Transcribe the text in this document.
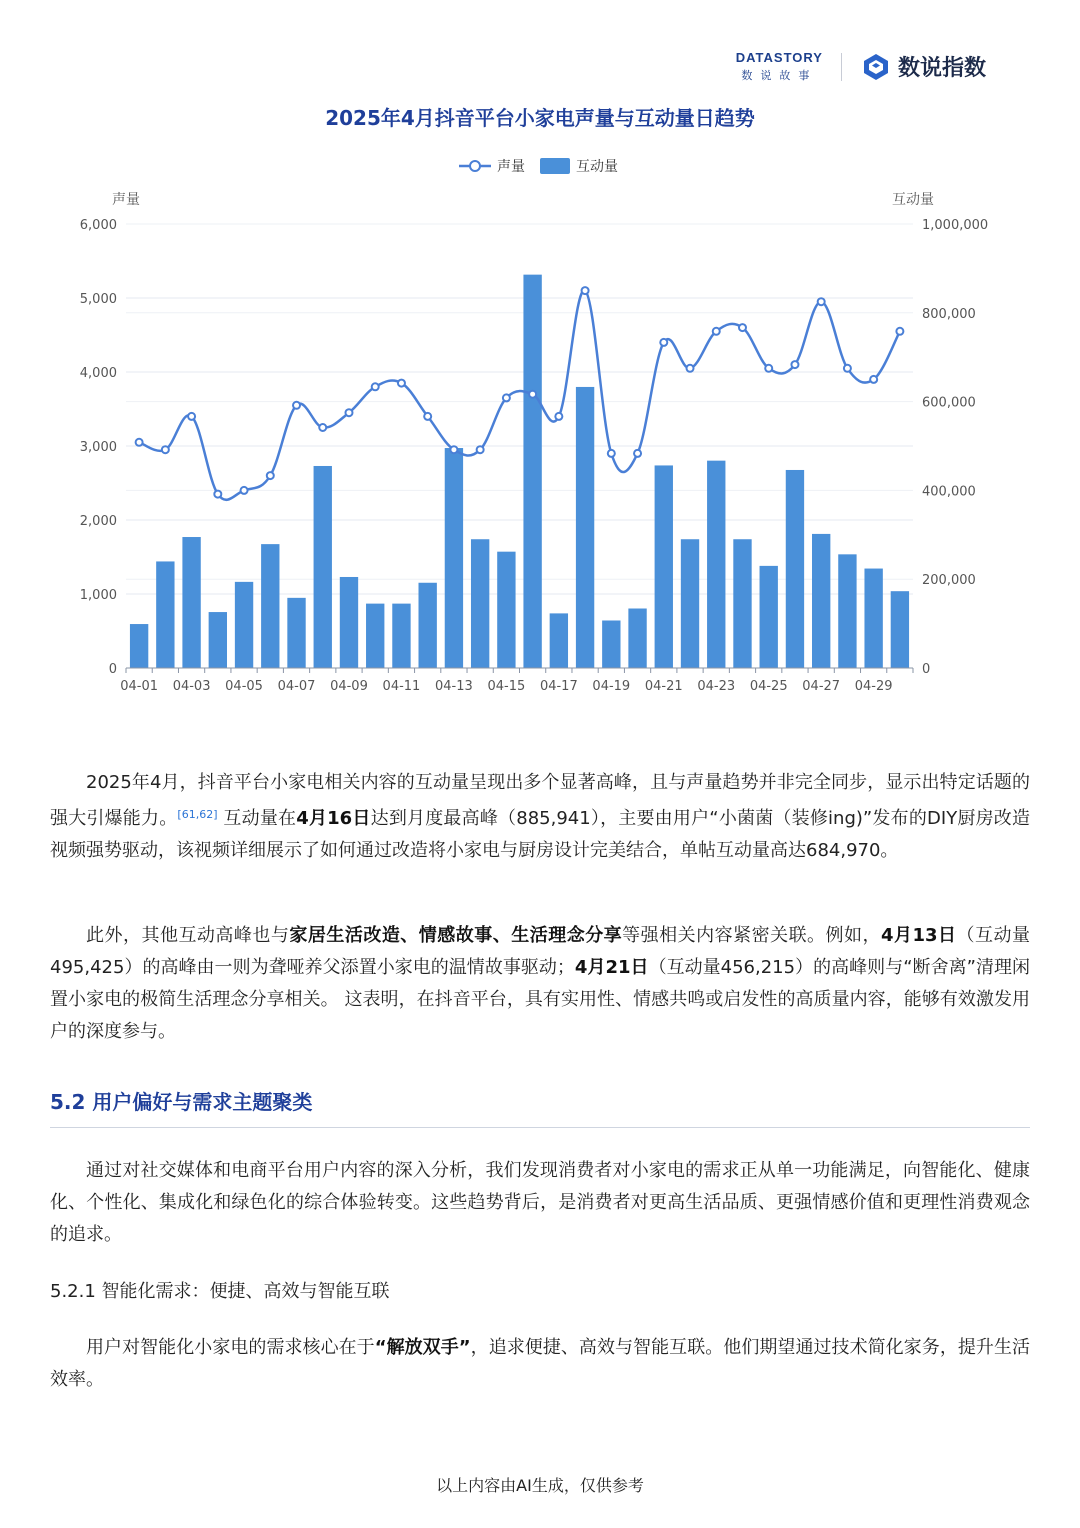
DATASTORY
数说故事	数说指数
2025年4月抖音平台小家电声量与互动量日趋势
声量	互动量
声量	互动量
0
1,000
2,000
3,000
4,000
5,000
6,000
0
200,000
400,000
600,000
800,000
1,000,000
04-01 04-03 04-05 04-07 04-09 04-11 04-13 04-15 04-17 04-19 04-21 04-23 04-25 04-27 04-29

2025年4月，抖音平台小家电相关内容的互动量呈现出多个显著高峰，且与声量趋势并非完全同步，显示出特定话题的强大引爆能力。[61,62] 互动量在4月16日达到月度最高峰（885,941），主要由用户“小菌菌（装修ing)”发布的DIY厨房改造视频强势驱动，该视频详细展示了如何通过改造将小家电与厨房设计完美结合，单帖互动量高达684,970。

此外，其他互动高峰也与家居生活改造、情感故事、生活理念分享等强相关内容紧密关联。例如，4月13日（互动量495,425）的高峰由一则为聋哑养父添置小家电的温情故事驱动；4月21日（互动量456,215）的高峰则与“断舍离”清理闲置小家电的极简生活理念分享相关。 这表明，在抖音平台，具有实用性、情感共鸣或启发性的高质量内容，能够有效激发用户的深度参与。

5.2 用户偏好与需求主题聚类

通过对社交媒体和电商平台用户内容的深入分析，我们发现消费者对小家电的需求正从单一功能满足，向智能化、健康化、个性化、集成化和绿色化的综合体验转变。这些趋势背后，是消费者对更高生活品质、更强情感价值和更理性消费观念的追求。

5.2.1 智能化需求：便捷、高效与智能互联

用户对智能化小家电的需求核心在于“解放双手”，追求便捷、高效与智能互联。他们期望通过技术简化家务，提升生活效率。

以上内容由AI生成，仅供参考
